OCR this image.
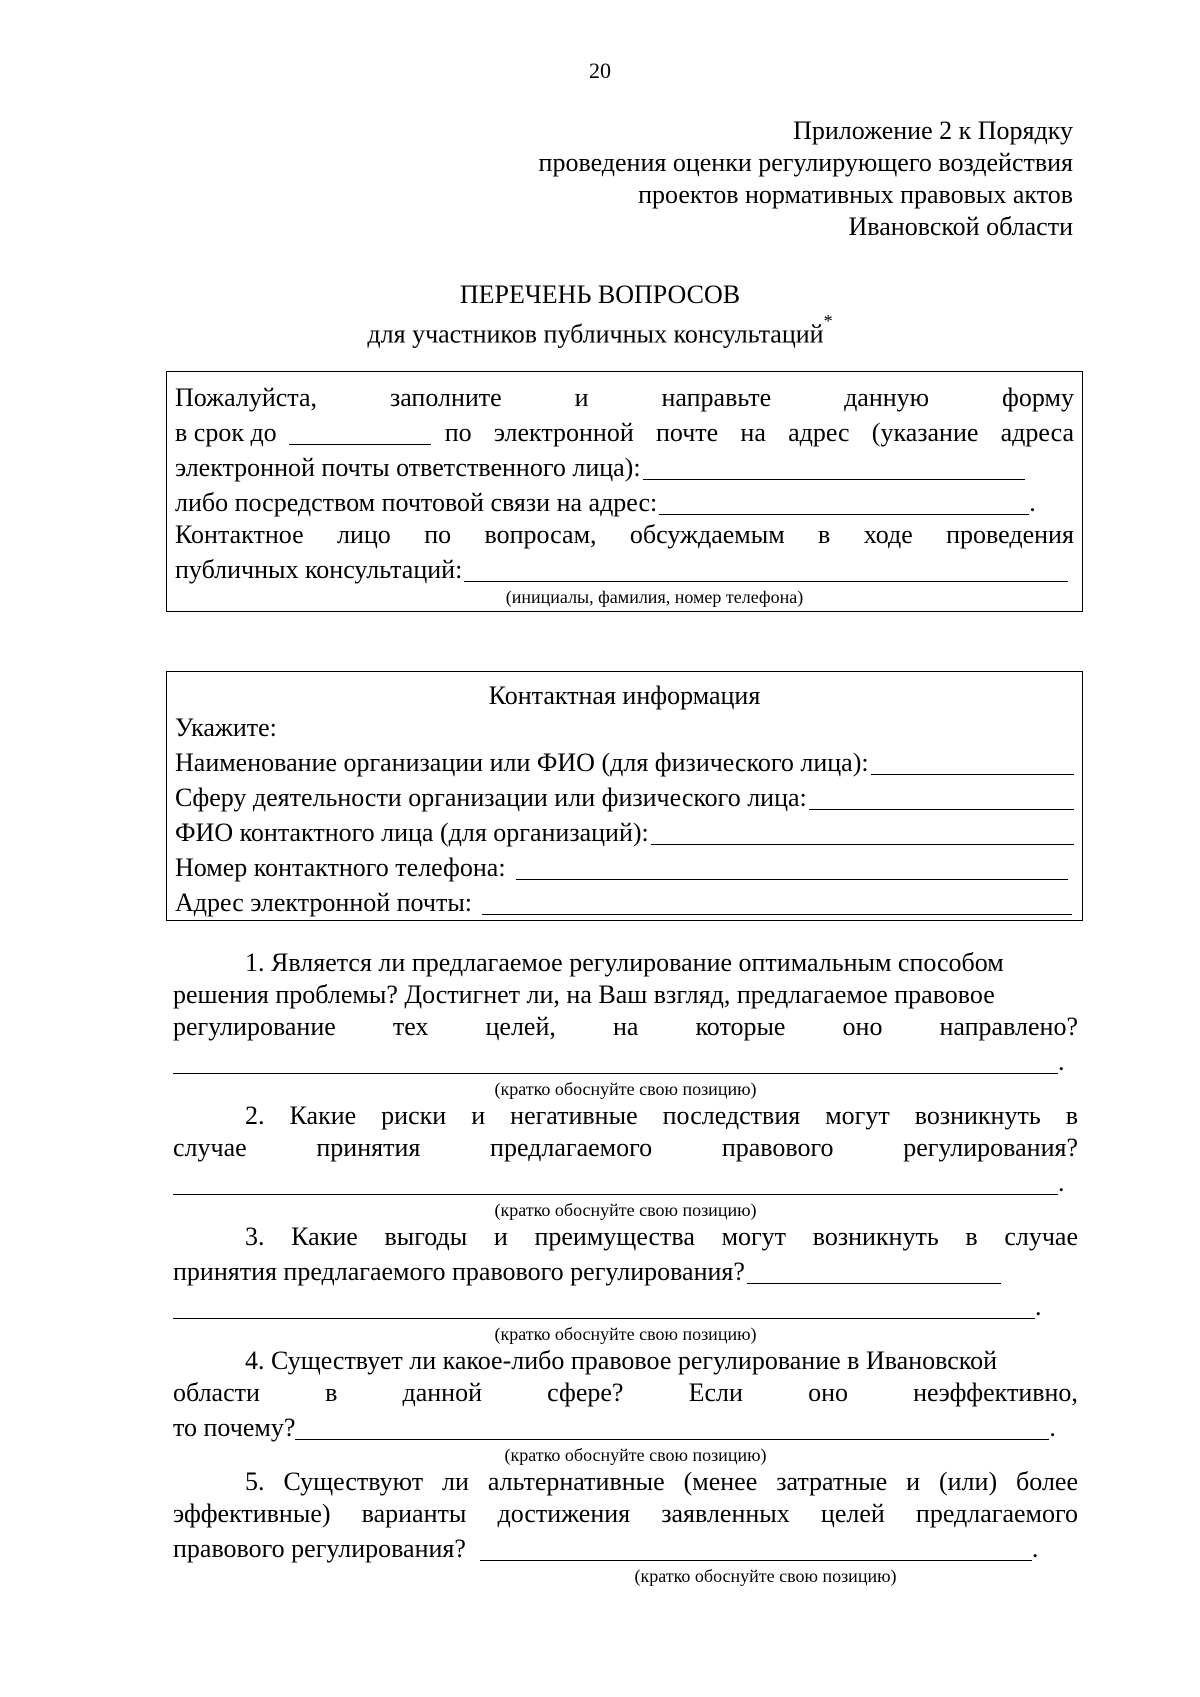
20
Приложение 2 к Порядку
проведения оценки регулирующего воздействия
проектов нормативных правовых актов
Ивановской области
ПЕРЕЧЕНЬ ВОПРОСОВ
для участников публичных консультаций*
Пожалуйста,	заполните	и	направьте	данную	форму
в срок до	по электронной почте на адрес (указание адреса
электронной почты ответственного лица):
либо посредством почтовой связи на адрес:	.
Контактное лицо по вопросам, обсуждаемым в ходе проведения
публичных консультаций:
(инициалы, фамилия, номер телефона)
Контактная информация
Укажите:
Наименование организации или ФИО (для физического лица):
Сферу деятельности организации или физического лица:
ФИО контактного лица (для организаций):
Номер контактного телефона:
Адрес электронной почты:
1. Является ли предлагаемое регулирование оптимальным способом
решения проблемы? Достигнет ли, на Ваш взгляд, предлагаемое правовое
регулирование тех целей, на которые оно направлено?
.
(кратко обоснуйте свою позицию)
2. Какие риски и негативные последствия могут возникнуть в
случае	принятия	предлагаемого	правового	регулирования?
.
(кратко обоснуйте свою позицию)
3. Какие выгоды и преимущества могут возникнуть в случае
принятия предлагаемого правового регулирования?
.
(кратко обоснуйте свою позицию)
4. Существует ли какое-либо правовое регулирование в Ивановской
области	в	данной	сфере?	Если	оно	неэффективно,
то почему?	.
(кратко обоснуйте свою позицию)
5. Существуют ли альтернативные (менее затратные и (или) более
эффективные) варианты достижения заявленных целей предлагаемого
правового регулирования?	.
(кратко обоснуйте свою позицию)
